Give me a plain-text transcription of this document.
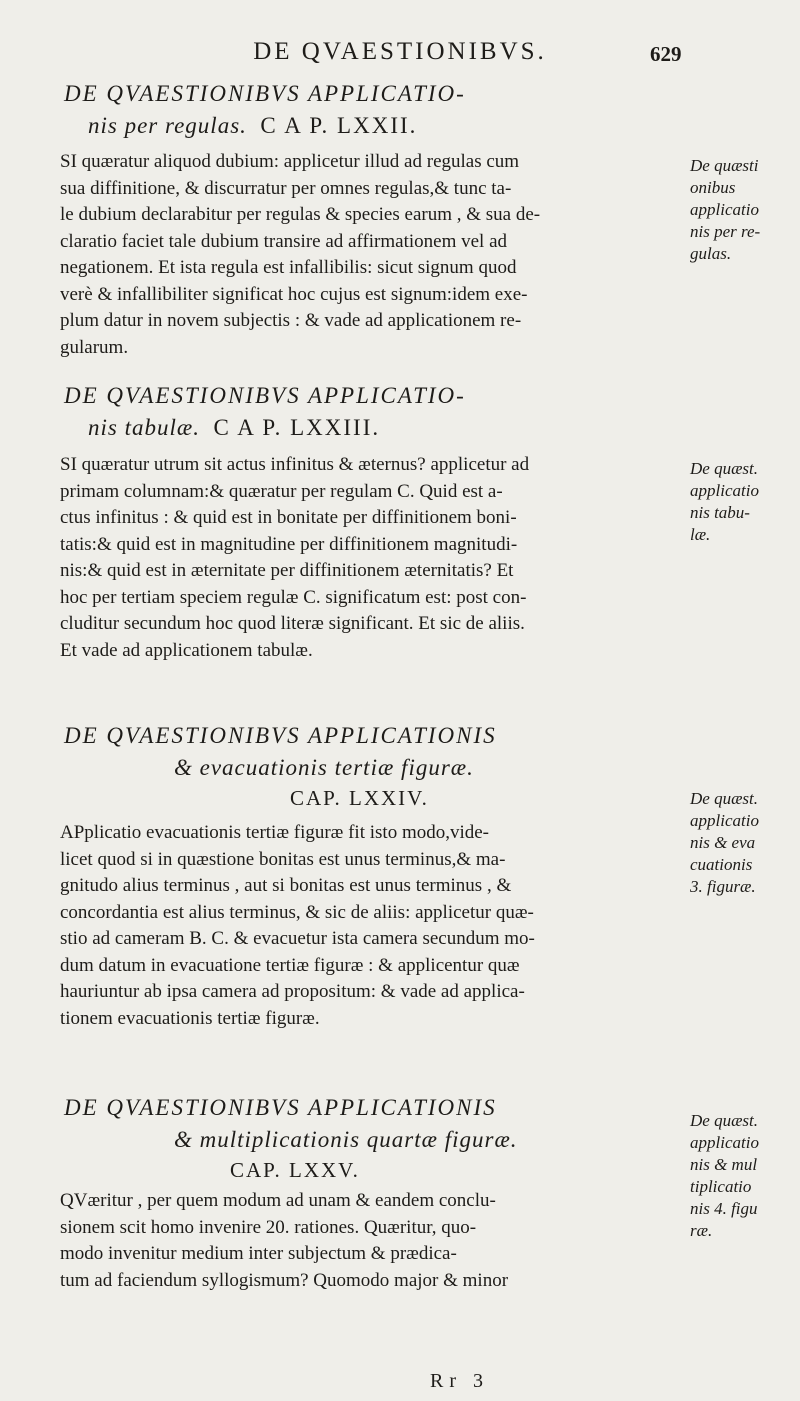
DE QVAESTIONIBVS.	629
DE QVAESTIONIBVS APPLICATIO-
nis per regulas. C A P. LXXII.
SI quæratur aliquod dubium: applicetur illud ad regulas cum
sua diffinitione, & discurratur per omnes regulas,& tunc ta-
le dubium declarabitur per regulas & species earum , & sua de-
claratio faciet tale dubium transire ad affirmationem vel ad
negationem. Et ista regula est infallibilis: sicut signum quod
verè & infallibiliter significat hoc cujus est signum:idem exe-
plum datur in novem subjectis : & vade ad applicationem re-
gularum.
De quæsti
onibus
applicatio
nis per re-
gulas.
DE QVAESTIONIBVS APPLICATIO-
nis tabulæ. C A P. LXXIII.
SI quæratur utrum sit actus infinitus & æternus? applicetur ad
primam columnam:& quæratur per regulam C. Quid est a-
ctus infinitus : & quid est in bonitate per diffinitionem boni-
tatis:& quid est in magnitudine per diffinitionem magnitudi-
nis:& quid est in æternitate per diffinitionem æternitatis? Et
hoc per tertiam speciem regulæ C. significatum est: post con-
cluditur secundum hoc quod literæ significant. Et sic de aliis.
Et vade ad applicationem tabulæ.
De quæst.
applicatio
nis tabu-
læ.
DE QVAESTIONIBVS APPLICATIONIS
& evacuationis tertiæ figuræ.
CAP. LXXIV.
APplicatio evacuationis tertiæ figuræ fit isto modo,vide-
licet quod si in quæstione bonitas est unus terminus,& ma-
gnitudo alius terminus , aut si bonitas est unus terminus , &
concordantia est alius terminus, & sic de aliis: applicetur quæ-
stio ad cameram B. C. & evacuetur ista camera secundum mo-
dum datum in evacuatione tertiæ figuræ : & applicentur quæ
hauriuntur ab ipsa camera ad propositum: & vade ad applica-
tionem evacuationis tertiæ figuræ.
De quæst.
applicatio
nis & eva
cuationis
3. figuræ.
DE QVAESTIONIBVS APPLICATIONIS
& multiplicationis quartæ figuræ.
CAP. LXXV.
QVæritur , per quem modum ad unam & eandem conclu-
sionem scit homo invenire 20. rationes. Quæritur, quo-
modo invenitur medium inter subjectum & prædica-
tum ad faciendum syllogismum? Quomodo major & minor
De quæst.
applicatio
nis & mul
tiplicatio
nis 4. figu
ræ.
Rr 3
